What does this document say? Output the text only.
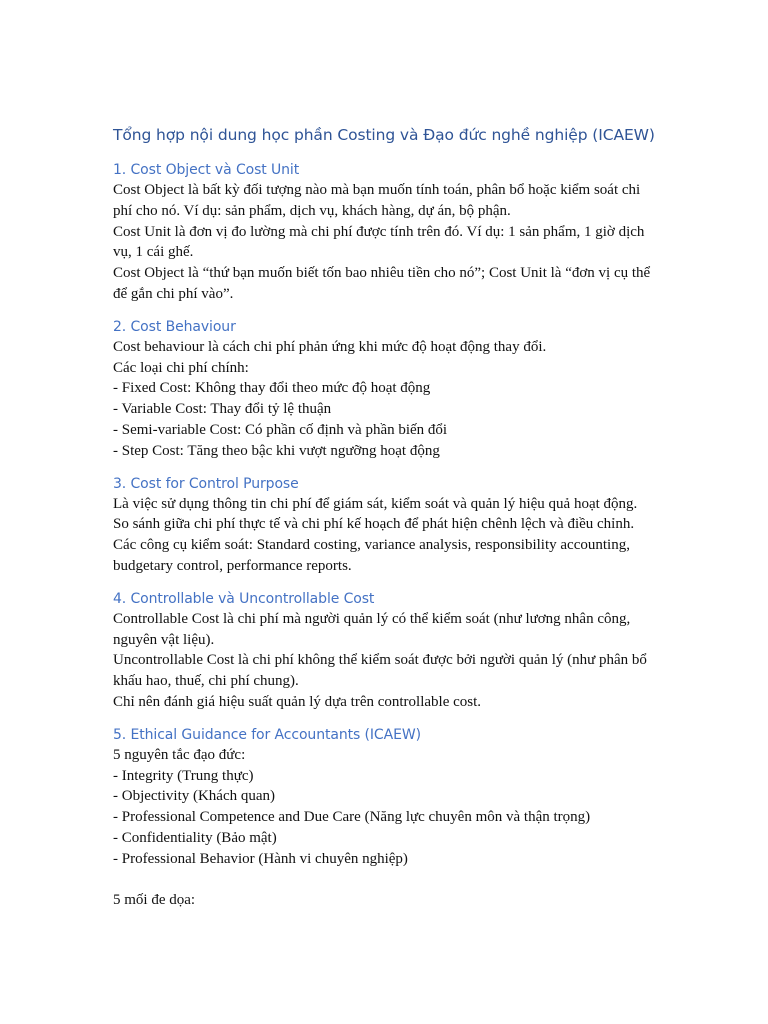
Tổng hợp nội dung học phần Costing và Đạo đức nghề nghiệp (ICAEW)
1. Cost Object và Cost Unit

Cost Object là bất kỳ đối tượng nào mà bạn muốn tính toán, phân bổ hoặc kiểm soát chi phí cho nó. Ví dụ: sản phẩm, dịch vụ, khách hàng, dự án, bộ phận.

Cost Unit là đơn vị đo lường mà chi phí được tính trên đó. Ví dụ: 1 sản phẩm, 1 giờ dịch vụ, 1 cái ghế.

Cost Object là “thứ bạn muốn biết tốn bao nhiêu tiền cho nó”; Cost Unit là “đơn vị cụ thể để gắn chi phí vào”.

2. Cost Behaviour

Cost behaviour là cách chi phí phản ứng khi mức độ hoạt động thay đổi.

Các loại chi phí chính:

- Fixed Cost: Không thay đổi theo mức độ hoạt động

- Variable Cost: Thay đổi tỷ lệ thuận

- Semi-variable Cost: Có phần cố định và phần biến đổi

- Step Cost: Tăng theo bậc khi vượt ngưỡng hoạt động

3. Cost for Control Purpose

Là việc sử dụng thông tin chi phí để giám sát, kiểm soát và quản lý hiệu quả hoạt động.

So sánh giữa chi phí thực tế và chi phí kế hoạch để phát hiện chênh lệch và điều chỉnh.

Các công cụ kiểm soát: Standard costing, variance analysis, responsibility accounting, budgetary control, performance reports.

4. Controllable và Uncontrollable Cost

Controllable Cost là chi phí mà người quản lý có thể kiểm soát (như lương nhân công, nguyên vật liệu).

Uncontrollable Cost là chi phí không thể kiểm soát được bởi người quản lý (như phân bổ khấu hao, thuế, chi phí chung).

Chỉ nên đánh giá hiệu suất quản lý dựa trên controllable cost.

5. Ethical Guidance for Accountants (ICAEW)

5 nguyên tắc đạo đức:

- Integrity (Trung thực)

- Objectivity (Khách quan)

- Professional Competence and Due Care (Năng lực chuyên môn và thận trọng)

- Confidentiality (Bảo mật)

- Professional Behavior (Hành vi chuyên nghiệp)

5 mối đe dọa:
